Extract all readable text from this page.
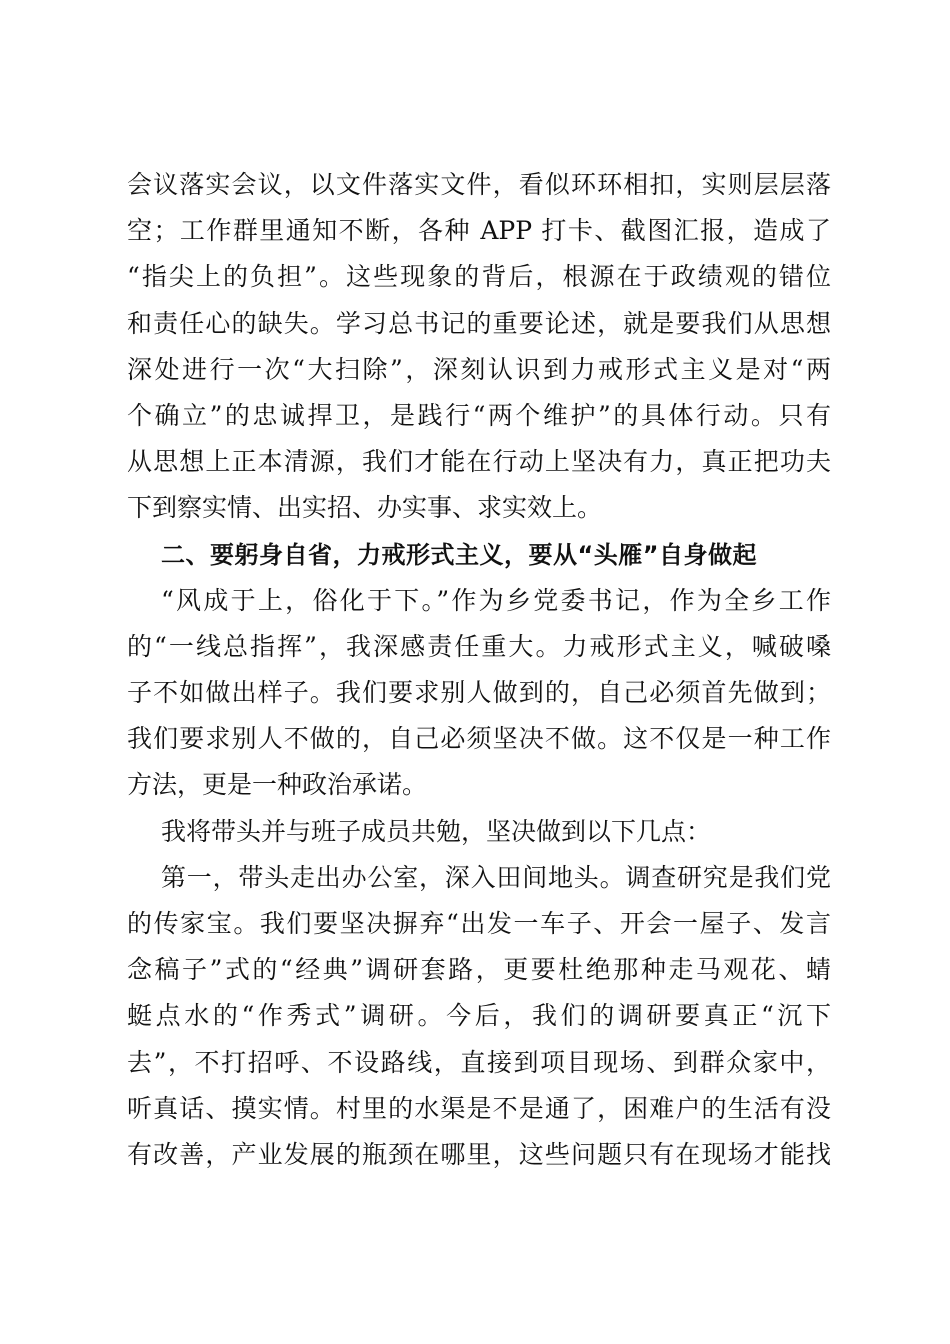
会议落实会议，以文件落实文件，看似环环相扣，实则层层落
空；工作群里通知不断，各种 APP 打卡、截图汇报，造成了
“指尖上的负担”。这些现象的背后，根源在于政绩观的错位
和责任心的缺失。学习总书记的重要论述，就是要我们从思想
深处进行一次“大扫除”，深刻认识到力戒形式主义是对“两
个确立”的忠诚捍卫，是践行“两个维护”的具体行动。只有
从思想上正本清源，我们才能在行动上坚决有力，真正把功夫
下到察实情、出实招、办实事、求实效上。
二、要躬身自省，力戒形式主义，要从“头雁”自身做起
“风成于上，俗化于下。”作为乡党委书记，作为全乡工作
的“一线总指挥”，我深感责任重大。力戒形式主义，喊破嗓
子不如做出样子。我们要求别人做到的，自己必须首先做到；
我们要求别人不做的，自己必须坚决不做。这不仅是一种工作
方法，更是一种政治承诺。
我将带头并与班子成员共勉，坚决做到以下几点：
第一，带头走出办公室，深入田间地头。调查研究是我们党
的传家宝。我们要坚决摒弃“出发一车子、开会一屋子、发言
念稿子”式的“经典”调研套路，更要杜绝那种走马观花、蜻
蜓点水的“作秀式”调研。今后，我们的调研要真正“沉下
去”，不打招呼、不设路线，直接到项目现场、到群众家中，
听真话、摸实情。村里的水渠是不是通了，困难户的生活有没
有改善，产业发展的瓶颈在哪里，这些问题只有在现场才能找
